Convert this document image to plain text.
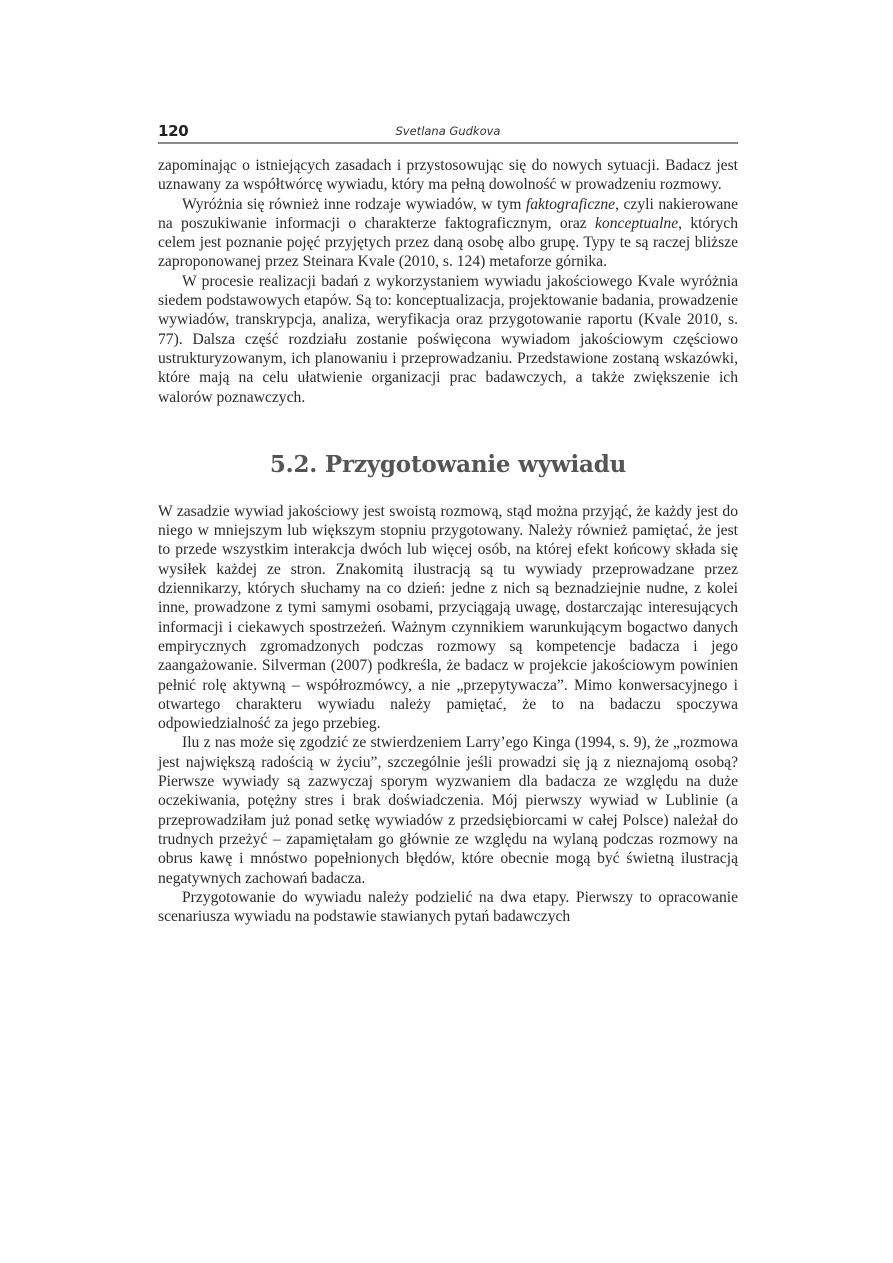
120	Svetlana Gudkova

zapominając o istniejących zasadach i przystosowując się do nowych sytuacji. Badacz jest uznawany za współtwórcę wywiadu, który ma pełną dowolność w prowadzeniu rozmowy.

Wyróżnia się również inne rodzaje wywiadów, w tym faktograficzne, czyli nakierowane na poszukiwanie informacji o charakterze faktograficznym, oraz konceptualne, których celem jest poznanie pojęć przyjętych przez daną osobę albo grupę. Typy te są raczej bliższe zaproponowanej przez Steinara Kvale (2010, s. 124) metaforze górnika.

W procesie realizacji badań z wykorzystaniem wywiadu jakościowego Kvale wyróżnia siedem podstawowych etapów. Są to: konceptualizacja, projektowanie badania, prowadzenie wywiadów, transkrypcja, analiza, weryfikacja oraz przygotowanie raportu (Kvale 2010, s. 77). Dalsza część rozdziału zostanie poświęcona wywiadom jakościowym częściowo ustrukturyzowanym, ich planowaniu i przeprowadzaniu. Przedstawione zostaną wskazówki, które mają na celu ułatwienie organizacji prac badawczych, a także zwiększenie ich walorów poznawczych.

5.2. Przygotowanie wywiadu

W zasadzie wywiad jakościowy jest swoistą rozmową, stąd można przyjąć, że każdy jest do niego w mniejszym lub większym stopniu przygotowany. Należy również pamiętać, że jest to przede wszystkim interakcja dwóch lub więcej osób, na której efekt końcowy składa się wysiłek każdej ze stron. Znakomitą ilustracją są tu wywiady przeprowadzane przez dziennikarzy, których słuchamy na co dzień: jedne z nich są beznadziejnie nudne, z kolei inne, prowadzone z tymi samymi osobami, przyciągają uwagę, dostarczając interesujących informacji i ciekawych spostrzeżeń. Ważnym czynnikiem warunkującym bogactwo danych empirycznych zgromadzonych podczas rozmowy są kompetencje badacza i jego zaangażowanie. Silverman (2007) podkreśla, że badacz w projekcie jakościowym powinien pełnić rolę aktywną – współrozmówcy, a nie „przepytywacza”. Mimo konwersacyjnego i otwartego charakteru wywiadu należy pamiętać, że to na badaczu spoczywa odpowiedzialność za jego przebieg.

Ilu z nas może się zgodzić ze stwierdzeniem Larry’ego Kinga (1994, s. 9), że „rozmowa jest największą radością w życiu”, szczególnie jeśli prowadzi się ją z nieznajomą osobą? Pierwsze wywiady są zazwyczaj sporym wyzwaniem dla badacza ze względu na duże oczekiwania, potężny stres i brak doświadczenia. Mój pierwszy wywiad w Lublinie (a przeprowadziłam już ponad setkę wywiadów z przedsiębiorcami w całej Polsce) należał do trudnych przeżyć – zapamiętałam go głównie ze względu na wylaną podczas rozmowy na obrus kawę i mnóstwo popełnionych błędów, które obecnie mogą być świetną ilustracją negatywnych zachowań badacza.

Przygotowanie do wywiadu należy podzielić na dwa etapy. Pierwszy to opracowanie scenariusza wywiadu na podstawie stawianych pytań badawczych
